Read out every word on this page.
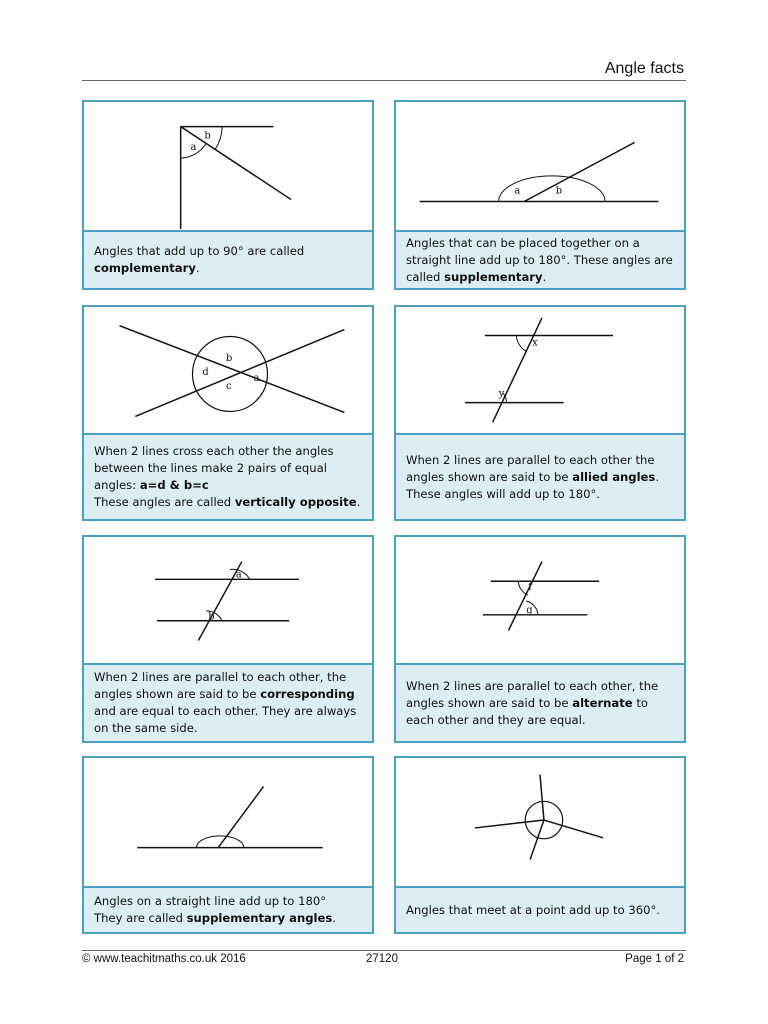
Angle facts
a
b
Angles that add up to 90° are called complementary.
a	b
Angles that can be placed together on a straight line add up to 180°. These angles are called supplementary.
b
a
c
d
When 2 lines cross each other the angles between the lines make 2 pairs of equal angles: a=d & b=c
These angles are called vertically opposite.
x
y
When 2 lines are parallel to each other the angles shown are said to be allied angles. These angles will add up to 180°.
a
b
When 2 lines are parallel to each other, the angles shown are said to be corresponding and are equal to each other. They are always on the same side.
f
g
When 2 lines are parallel to each other, the angles shown are said to be alternate to each other and they are equal.
Angles on a straight line add up to 180°
They are called supplementary angles.
Angles that meet at a point add up to 360°.
© www.teachitmaths.co.uk 2016	27120	Page 1 of 2
